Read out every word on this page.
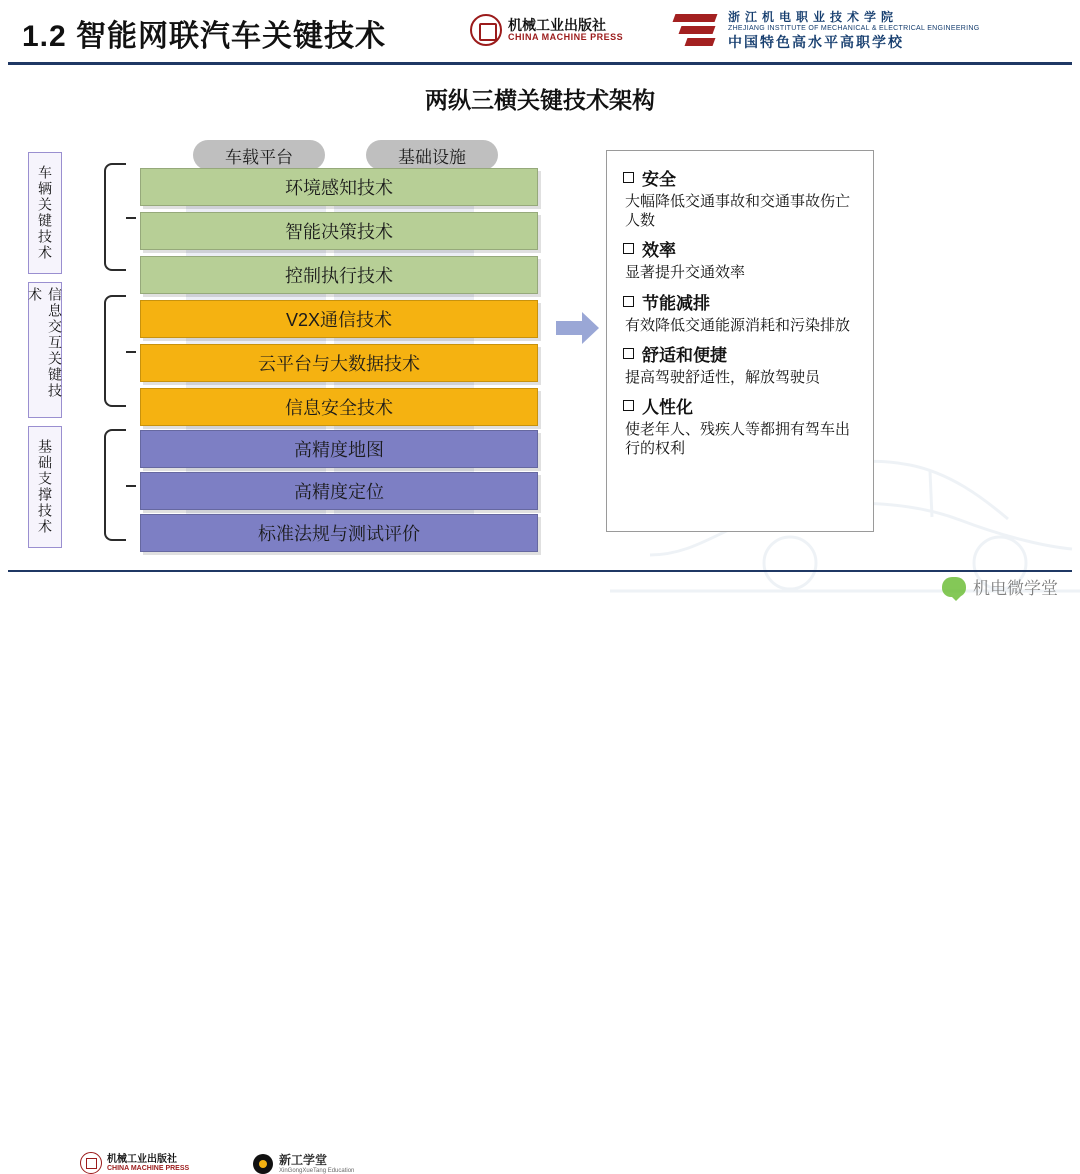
1.2 智能网联汽车关键技术	机械工业出版社
CHINA MACHINE PRESS
浙江机电职业技术学院
ZHEJIANG INSTITUTE OF MECHANICAL & ELECTRICAL ENGINEERING
中国特色高水平高职学校
两纵三横关键技术架构
车载平台	基础设施
车辆关键技术
信息交互关键技术
基础支撑技术
环境感知技术
智能决策技术
控制执行技术
V2X通信技术
云平台与大数据技术
信息安全技术
高精度地图
高精度定位
标准法规与测试评价
安全
大幅降低交通事故和交通事故伤亡人数
效率
显著提升交通效率
节能减排
有效降低交通能源消耗和污染排放
舒适和便捷
提高驾驶舒适性，解放驾驶员
人性化
使老年人、残疾人等都拥有驾车出行的权利
机械工业出版社
CHINA MACHINE PRESS
新工学堂
XinGongXueTang Education
机电微学堂
